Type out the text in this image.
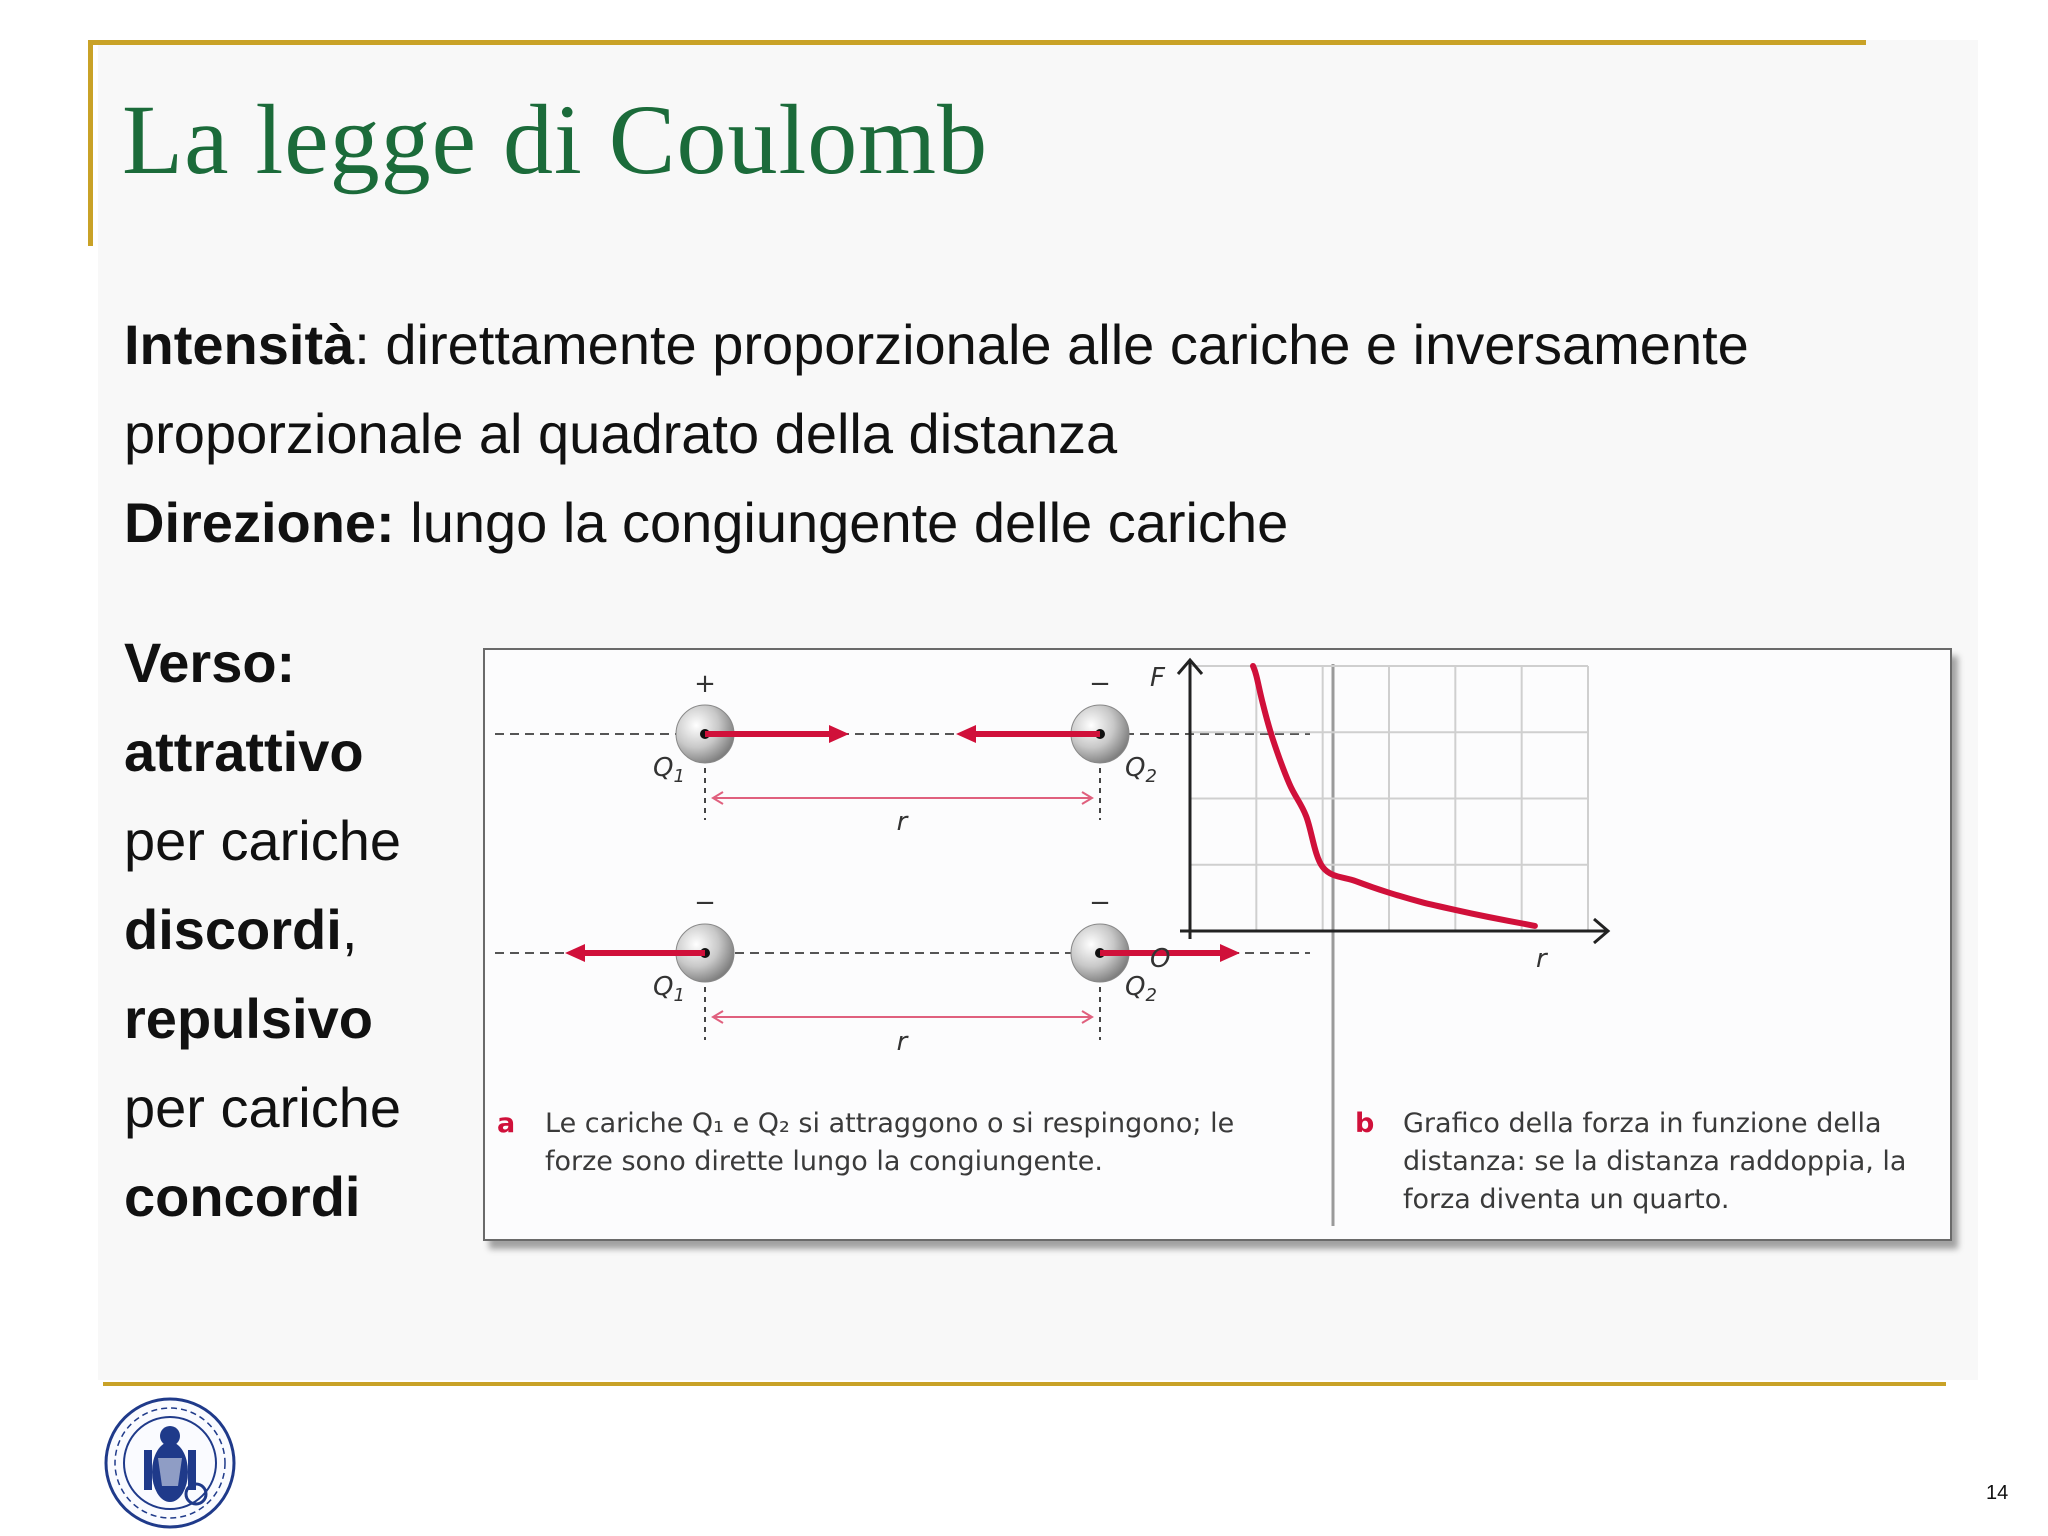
La legge di Coulomb
Intensità: direttamente proporzionale alle cariche e inversamente
proporzionale al quadrato della distanza
Direzione: lungo la congiungente delle cariche
Verso:
attrattivo
per cariche
discordi,
repulsivo
per cariche
concordi
+	−
$Q_1$	$Q_2$
r
−	−
$Q_1$	$Q_2$
r
F
r
O
a Le cariche Q₁ e Q₂ si attraggono o si respingono; le forze sono dirette lungo la congiungente.
b Grafico della forza in funzione della distanza: se la distanza raddoppia, la forza diventa un quarto.
14
